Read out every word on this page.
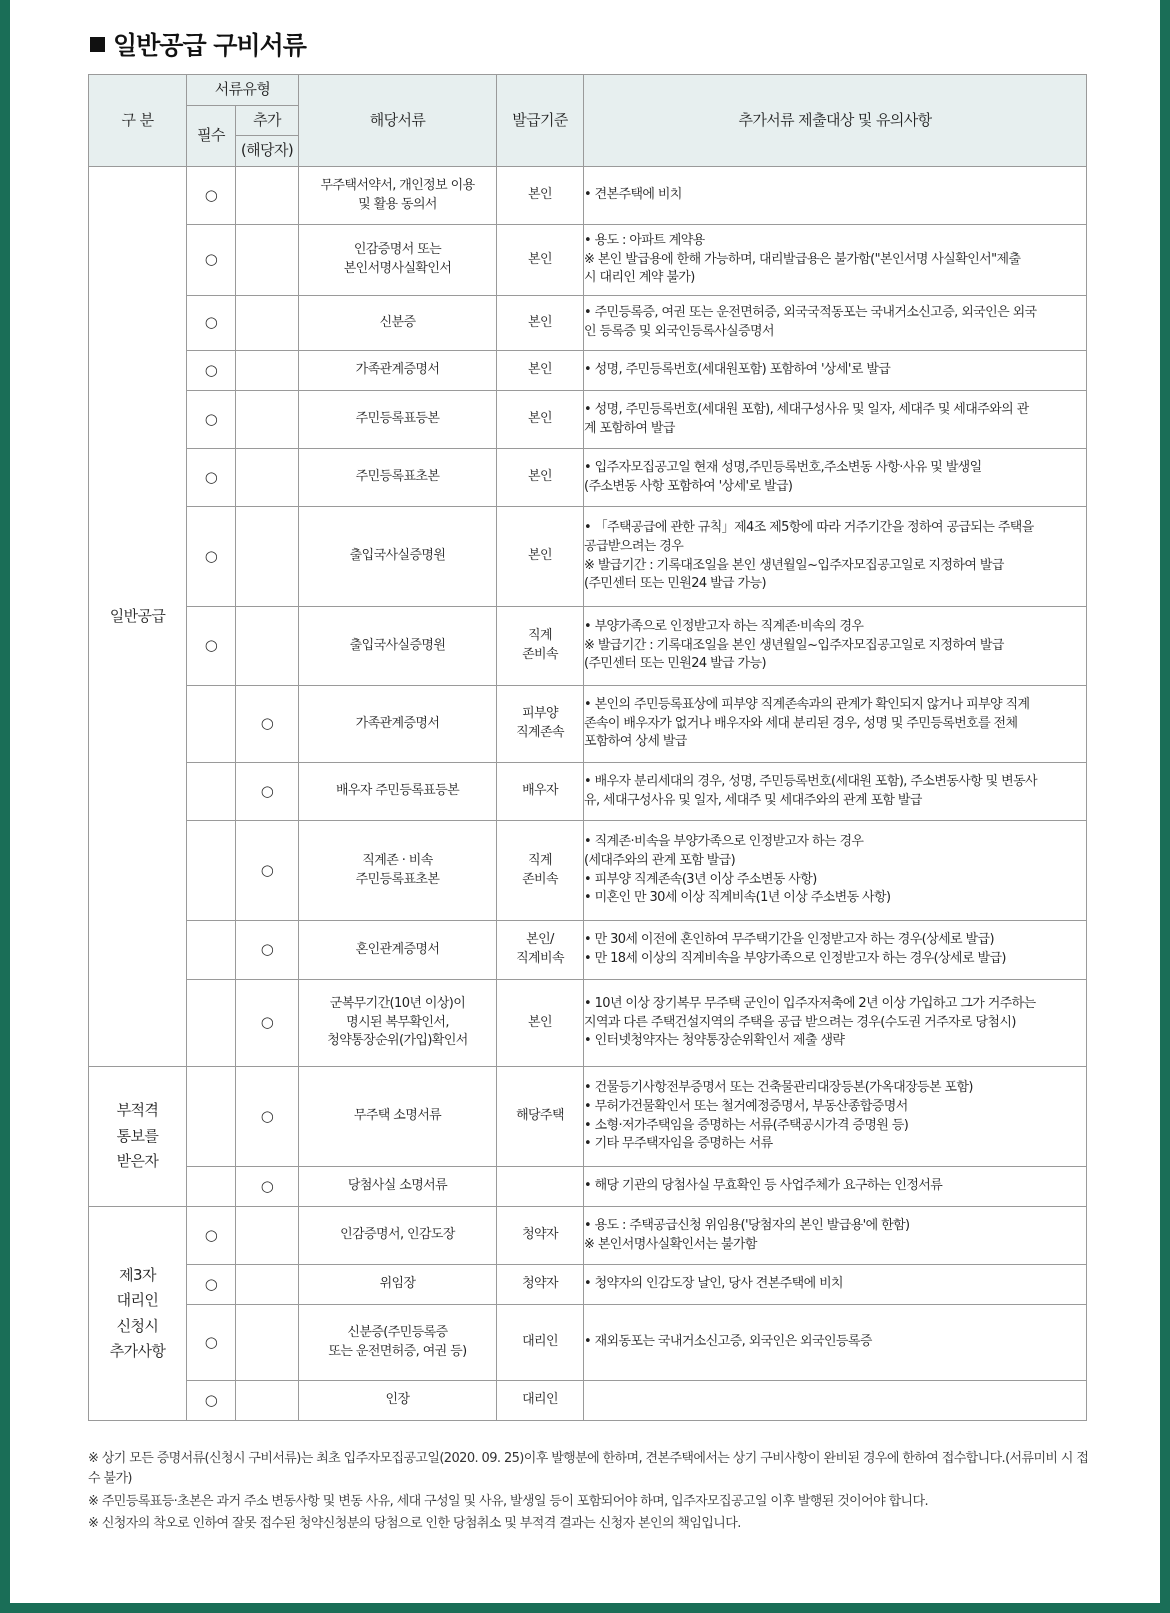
일반공급 구비서류
구 분	서류유형		해당서류	발급기준	추가서류 제출대상 및 유의사항
	필수	추가			
		(해당자)			

일반공급	○		무주택서약서, 개인정보 이용
및 활용 동의서	본인	• 견본주택에 비치

	○		인감증명서 또는
본인서명사실확인서	본인	• 용도 : 아파트 계약용
※ 본인 발급용에 한해 가능하며, 대리발급용은 불가함("본인서명 사실확인서"제출
시 대리인 계약 불가)

	○		신분증	본인	• 주민등록증, 여권 또는 운전면허증, 외국국적동포는 국내거소신고증, 외국인은 외국
인 등록증 및 외국인등록사실증명서

	○		가족관계증명서	본인	• 성명, 주민등록번호(세대원포함) 포함하여 '상세'로 발급

	○		주민등록표등본	본인	• 성명, 주민등록번호(세대원 포함), 세대구성사유 및 일자, 세대주 및 세대주와의 관
계 포함하여 발급

	○		주민등록표초본	본인	• 입주자모집공고일 현재 성명,주민등록번호,주소변동 사항·사유 및 발생일
(주소변동 사항 포함하여 '상세'로 발급)

	○		출입국사실증명원	본인	• 「주택공급에 관한 규칙」제4조 제5항에 따라 거주기간을 정하여 공급되는 주택을
공급받으려는 경우
※ 발급기간 : 기록대조일을 본인 생년월일~입주자모집공고일로 지정하여 발급
(주민센터 또는 민원24 발급 가능)

	○		출입국사실증명원	직계
존비속	• 부양가족으로 인정받고자 하는 직계존·비속의 경우
※ 발급기간 : 기록대조일을 본인 생년월일~입주자모집공고일로 지정하여 발급
(주민센터 또는 민원24 발급 가능)

		○	가족관계증명서	피부양
직계존속	• 본인의 주민등록표상에 피부양 직계존속과의 관계가 확인되지 않거나 피부양 직계
존속이 배우자가 없거나 배우자와 세대 분리된 경우, 성명 및 주민등록번호를 전체
포함하여 상세 발급

		○	배우자 주민등록표등본	배우자	• 배우자 분리세대의 경우, 성명, 주민등록번호(세대원 포함), 주소변동사항 및 변동사
유, 세대구성사유 및 일자, 세대주 및 세대주와의 관계 포함 발급

		○	직계존 · 비속
주민등록표초본	직계
존비속	• 직계존·비속을 부양가족으로 인정받고자 하는 경우
(세대주와의 관계 포함 발급)
• 피부양 직계존속(3년 이상 주소변동 사항)
• 미혼인 만 30세 이상 직계비속(1년 이상 주소변동 사항)

		○	혼인관계증명서	본인/
직계비속	• 만 30세 이전에 혼인하여 무주택기간을 인정받고자 하는 경우(상세로 발급)
• 만 18세 이상의 직계비속을 부양가족으로 인정받고자 하는 경우(상세로 발급)

		○	군복무기간(10년 이상)이
명시된 복무확인서,
청약통장순위(가입)확인서	본인	• 10년 이상 장기복무 무주택 군인이 입주자저축에 2년 이상 가입하고 그가 거주하는
지역과 다른 주택건설지역의 주택을 공급 받으려는 경우(수도권 거주자로 당첨시)
• 인터넷청약자는 청약통장순위확인서 제출 생략

부적격
통보를
받은자		○	무주택 소명서류	해당주택	• 건물등기사항전부증명서 또는 건축물관리대장등본(가옥대장등본 포함)
• 무허가건물확인서 또는 철거예정증명서, 부동산종합증명서
• 소형·저가주택임을 증명하는 서류(주택공시가격 증명원 등)
• 기타 무주택자임을 증명하는 서류

		○	당첨사실 소명서류		• 해당 기관의 당첨사실 무효확인 등 사업주체가 요구하는 인정서류

제3자
대리인
신청시
추가사항	○		인감증명서, 인감도장	청약자	• 용도 : 주택공급신청 위임용('당첨자의 본인 발급용'에 한함)
※ 본인서명사실확인서는 불가함

	○		위임장	청약자	• 청약자의 인감도장 날인, 당사 견본주택에 비치

	○		신분증(주민등록증
또는 운전면허증, 여권 등)	대리인	• 재외동포는 국내거소신고증, 외국인은 외국인등록증

	○		인장	대리인	

※ 상기 모든 증명서류(신청시 구비서류)는 최초 입주자모집공고일(2020. 09. 25)이후 발행분에 한하며, 견본주택에서는 상기 구비사항이 완비된 경우에 한하여 접수합니다.(서류미비 시 접수 불가)
※ 주민등록표등·초본은 과거 주소 변동사항 및 변동 사유, 세대 구성일 및 사유, 발생일 등이 포함되어야 하며, 입주자모집공고일 이후 발행된 것이어야 합니다.
※ 신청자의 착오로 인하여 잘못 접수된 청약신청분의 당첨으로 인한 당첨취소 및 부적격 결과는 신청자 본인의 책임입니다.
